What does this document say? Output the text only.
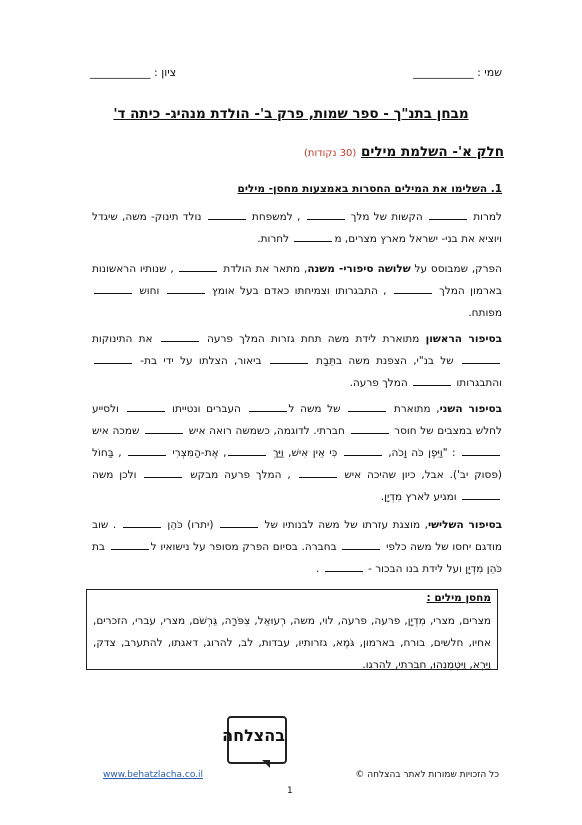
שמי : ___________
ציון : ___________
מבחן בתנ"ך - ספר שמות, פרק ב'- הולדת מנהיג- כיתה ד'
חלק א'- השלמת מילים (30 נקודות)
1. השלימו את המילים החסרות באמצעות מחסן- מילים
למרות  הקשות של מלך  , למשפחת  נולד תינוק- משה, שיגדל ויוציא את בני- ישראל מארץ מצרים, מ לחרות.
הפרק, שמבוסס על שלושה סיפורי- משנה, מתאר את הולדת  , שנותיו הראשונות בארמון המלך  , התבגרותו וצמיחתו כאדם בעל אומץ  וחוש  מפותח.
בסיפור הראשון מתוארת לידת משה תחת גזרות המלך פרעה  את התינוקות  של בנ"י, הצפנת משה בתֵּבָת  ביאור, הצלתו על ידי בת-  והתבגרותו  המלך פרעה.
בסיפור השני, מתוארת  של משה ל העברים ונטייתו  ולסייע לחלש במצבים של חוסר  חברתי. לדוגמה, כשמשה רואה איש  שמכה איש  : "וַיִּפֶן כֹּה וָכֹה,  כִּי אֵין אִישׁ, וַיַּךְ , אֶת-הַמִּצְרִי  , בַּחוֹל (פסוק יב'). אבל, כיון שהיכה איש  , המלך פרעה מבקש  ולכן משה  ומגיע לארץ מִדְיָן.
בסיפור השלישי, מוצגת עזרתו של משה לבנותיו של  (יתרו) כֹּהֵן  . שוב מודגם יחסו של משה כלפי  בחברה. בסיום הפרק מסופר על נישואיו ל בת כֹּהֵן מִדְיָן ועל לידת בנו הבכור -  .
מחסן מילים :
מצרים, מצרי, מִדְיָן, פרעה, פרעה, לוי, משה, רְעוּאֵל, צִפֹּרָה, גֵּרְשֹׁם, מצרי, עברי, הזכרים, אחיו, חלשים, בורח, בארמון, גֹּמֶא, גזרותיו, עבדות, לב, להרוג, דאגתו, להתערב, צדק, וַיַּרְא, וַיִּטְמְנֵהוּ, חברתי, להרגו.
בהצלחה
www.behatzlacha.co.il	כל הזכויות שמורות לאתר בהצלחה ©
1
